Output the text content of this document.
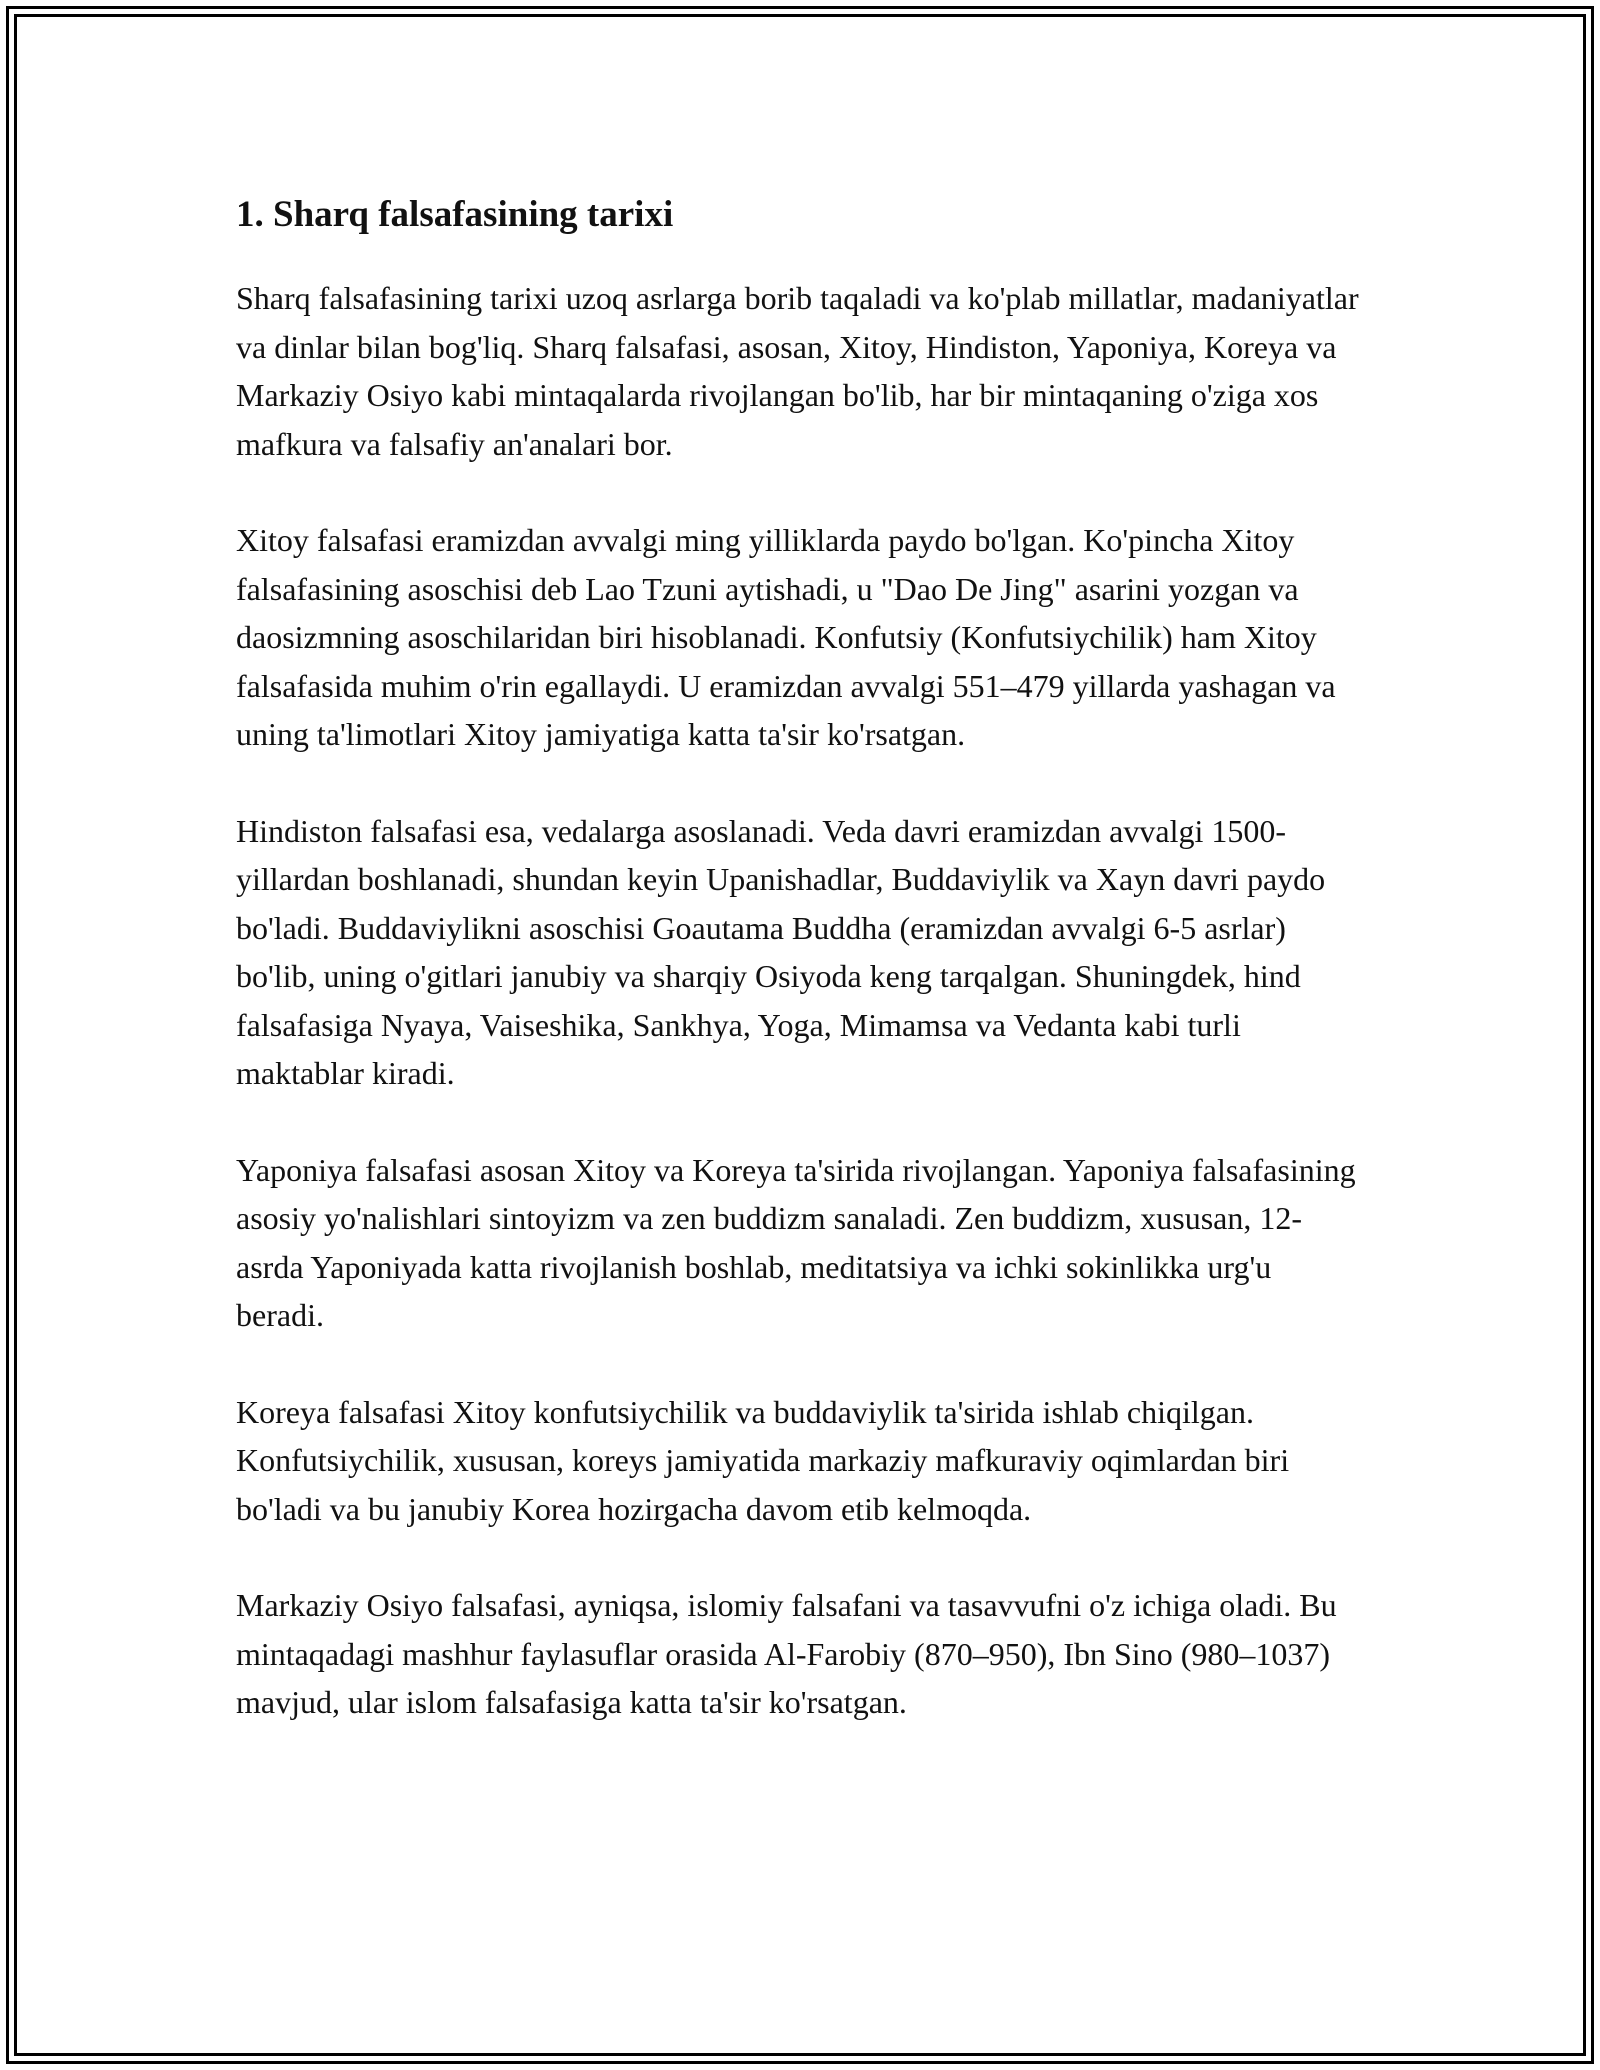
1. Sharq falsafasining tarixi

Sharq falsafasining tarixi uzoq asrlarga borib taqaladi va ko'plab millatlar, madaniyatlar va dinlar bilan bog'liq. Sharq falsafasi, asosan, Xitoy, Hindiston, Yaponiya, Koreya va Markaziy Osiyo kabi mintaqalarda rivojlangan bo'lib, har bir mintaqaning o'ziga xos mafkura va falsafiy an'analari bor.

Xitoy falsafasi eramizdan avvalgi ming yilliklarda paydo bo'lgan. Ko'pincha Xitoy falsafasining asoschisi deb Lao Tzuni aytishadi, u "Dao De Jing" asarini yozgan va daosizmning asoschilaridan biri hisoblanadi. Konfutsiy (Konfutsiychilik) ham Xitoy falsafasida muhim o'rin egallaydi. U eramizdan avvalgi 551–479 yillarda yashagan va uning ta'limotlari Xitoy jamiyatiga katta ta'sir ko'rsatgan.

Hindiston falsafasi esa, vedalarga asoslanadi. Veda davri eramizdan avvalgi 1500-yillardan boshlanadi, shundan keyin Upanishadlar, Buddaviylik va Xayn davri paydo bo'ladi. Buddaviylikni asoschisi Goautama Buddha (eramizdan avvalgi 6-5 asrlar) bo'lib, uning o'gitlari janubiy va sharqiy Osiyoda keng tarqalgan. Shuningdek, hind falsafasiga Nyaya, Vaiseshika, Sankhya, Yoga, Mimamsa va Vedanta kabi turli maktablar kiradi.

Yaponiya falsafasi asosan Xitoy va Koreya ta'sirida rivojlangan. Yaponiya falsafasining asosiy yo'nalishlari sintoyizm va zen buddizm sanaladi. Zen buddizm, xususan, 12-asrda Yaponiyada katta rivojlanish boshlab, meditatsiya va ichki sokinlikka urg'u beradi.

Koreya falsafasi Xitoy konfutsiychilik va buddaviylik ta'sirida ishlab chiqilgan. Konfutsiychilik, xususan, koreys jamiyatida markaziy mafkuraviy oqimlardan biri bo'ladi va bu janubiy Korea hozirgacha davom etib kelmoqda.

Markaziy Osiyo falsafasi, ayniqsa, islomiy falsafani va tasavvufni o'z ichiga oladi. Bu mintaqadagi mashhur faylasuflar orasida Al-Farobiy (870–950), Ibn Sino (980–1037) mavjud, ular islom falsafasiga katta ta'sir ko'rsatgan.
